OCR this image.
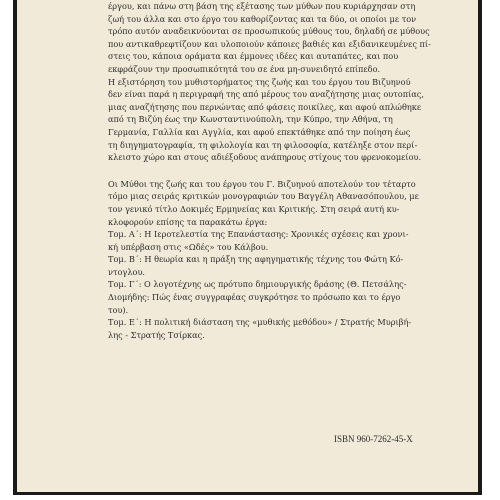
έργου, και πάνω στη βάση της εξέτασης των μύθων που κυριάρχησαν στη
ζωή του άλλα και στο έργο του καθορίζοντας και τα δύο, οι οποίοι με τον
τρόπο αυτόν αναδεικνύονται σε προσωπικούς μύθους του, δηλαδή σε μύθους
που αντικαθρεφτίζουν και υλοποιούν κάποιες βαθιές και εξιδανικευμένες πί-
στεις του, κάποια οράματα και έμμονες ιδέες και αυταπάτες, και που
εκφράζουν την προσωπικότητά του σε ένα μη-συνειδητό επίπεδο.
Η εξιστόρηση του μυθιστορήματος της ζωής και του έργου του Βιζυηνού
δεν είναι παρά η περιγραφή της από μέρους του αναζήτησης μιας ουτοπίας,
μιας αναζήτησης που περνώντας από φάσεις ποικίλες, και αφού απλώθηκε
από τη Βιζύη έως την Κωνσταντινούπολη, την Κύπρο, την Αθήνα, τη
Γερμανία, Γαλλία και Αγγλία, και αφού επεκτάθηκε από την ποίηση έως
τη διηγηματογραφία, τη φιλολογία και τη φιλοσοφία, κατέληξε στον περί-
κλειστο χώρο και στους αδιέξοδους ανάπηρους στίχους του φρενοκομείου.
Οι Μύθοι της ζωής και του έργου του Γ. Βιζυηνού αποτελούν τον τέταρτο
τόμο μιας σειράς κριτικών μονογραφιών του Βαγγέλη Αθανασόπουλου, με
τον γενικό τίτλο Δοκιμές Ερμηνείας και Κριτικής. Στη σειρά αυτή κυ-
κλοφορούν επίσης τα παρακάτω έργα:
Τομ. Α΄: Η Ιεροτελεστία της Επανάστασης: Χρονικές σχέσεις και χρονι-
κή υπέρβαση στις «Ωδές» του Κάλβου.
Τομ. Β΄: Η θεωρία και η πράξη της αφηγηματικής τέχνης του Φώτη Κό-
ντογλου.
Τομ. Γ΄: Ο λογοτέχνης ως πρότυπο δημιουργικής δράσης (Θ. Πετσάλης-
Διομήδης: Πώς ένας συγγραφέας συγκρότησε το πρόσωπο και το έργο
του).
Τομ. Ε΄: Η πολιτική διάσταση της «μυθικής μεθόδου» / Στρατής Μυριβή-
λης - Στρατής Τσίρκας.
ISBN 960-7262-45-X
